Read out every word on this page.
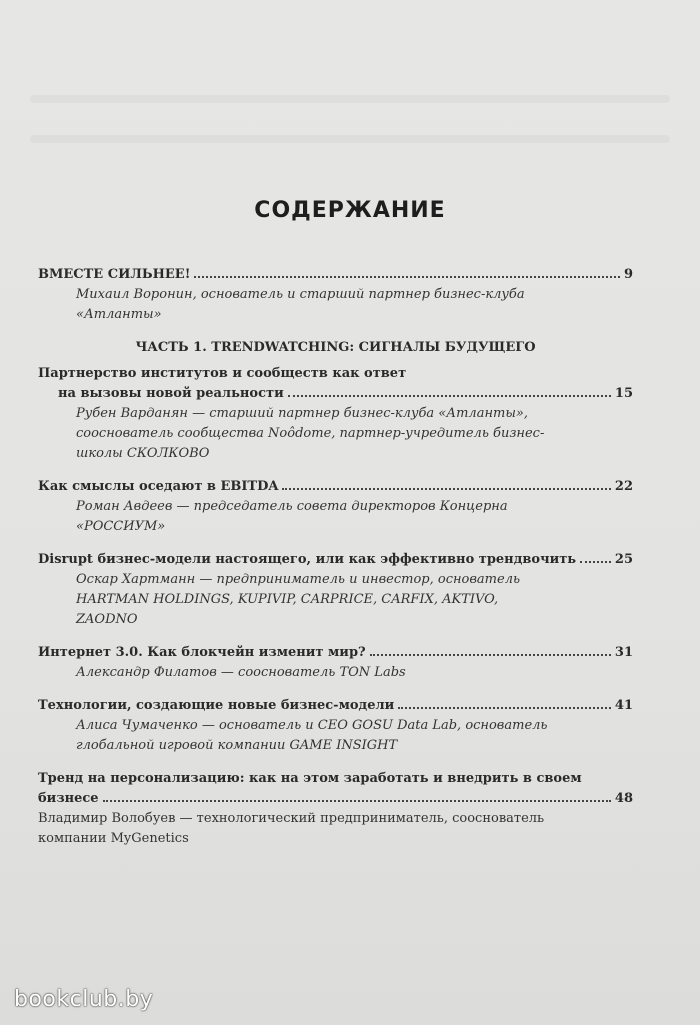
СОДЕРЖАНИЕ
ВМЕСТЕ СИЛЬНЕЕ!	9

Михаил Воронин, основатель и старший партнер бизнес-клуба

«Атланты»

ЧАСТЬ 1. TRENDWATCHING: СИГНАЛЫ БУДУЩЕГО

Партнерство институтов и сообществ как ответ

на вызовы новой реальности	15

Рубен Варданян — старший партнер бизнес-клуба «Атланты»,

сооснователь сообщества Noôdome, партнер-учредитель бизнес-

школы СКОЛКОВО

Как смыслы оседают в EBITDA	22

Роман Авдеев — председатель совета директоров Концерна

«РОССИУМ»

Disrupt бизнес-модели настоящего, или как эффективно трендвочить	25

Оскар Хартманн — предприниматель и инвестор, основатель

HARTMAN HOLDINGS, KUPIVIP, CARPRICE, CARFIX, AKTIVO,

ZAODNO

Интернет 3.0. Как блокчейн изменит мир?	31

Александр Филатов — сооснователь TON Labs

Технологии, создающие новые бизнес-модели	41

Алиса Чумаченко — основатель и CEO GOSU Data Lab, основатель

глобальной игровой компании GAME INSIGHT

Тренд на персонализацию: как на этом заработать и внедрить в своем

бизнесе	48

Владимир Волобуев — технологический предприниматель, сооснователь

компании MyGenetics

bookclub.by
